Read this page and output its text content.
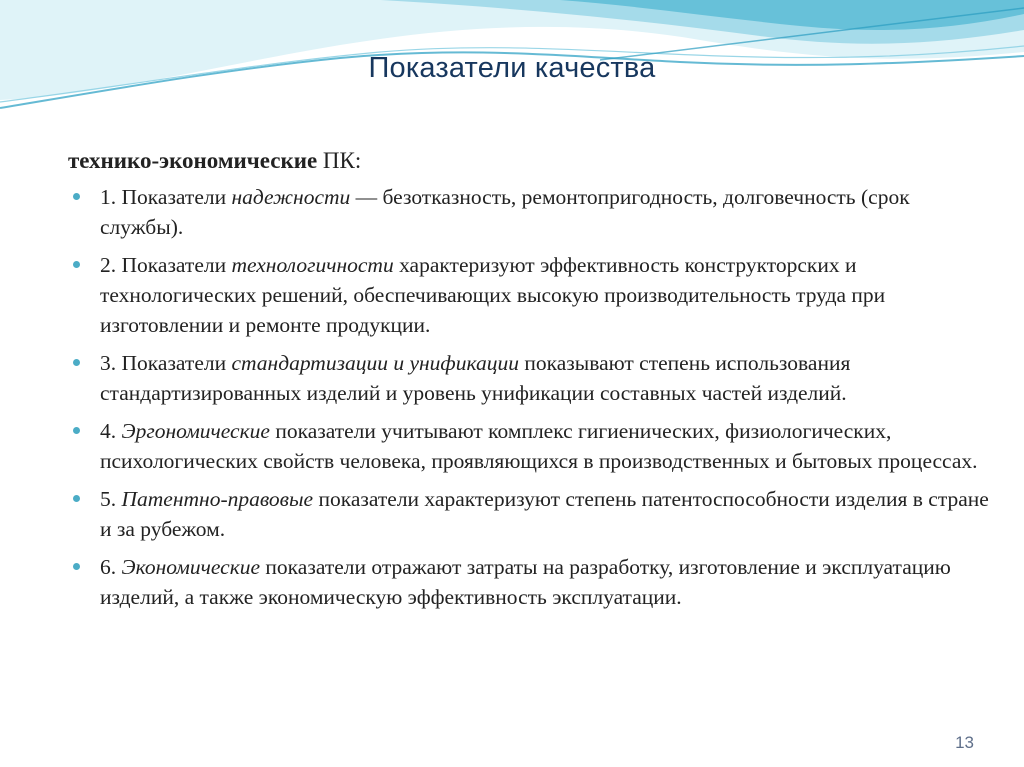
Показатели качества
технико-экономические ПК:
1. Показатели надежности — безотказность, ремонтопригодность, долговечность (срок службы).
2. Показатели технологичности характеризуют эффективность конструкторских и технологических решений, обеспечивающих высокую производительность труда при изготовлении и ремонте продукции.
3. Показатели стандартизации и унификации показывают степень использования стандартизированных изделий и уровень унификации составных частей изделий.
4. Эргономические показатели учитывают комплекс гигиенических, физиологических, психологических свойств человека, проявляющихся в производственных и бытовых процессах.
5. Патентно-правовые показатели характеризуют степень патентоспособности изделия в стране и за рубежом.
6. Экономические показатели отражают затраты на разработку, изготовление и эксплуатацию изделий, а также экономическую эффективность эксплуатации.
13
